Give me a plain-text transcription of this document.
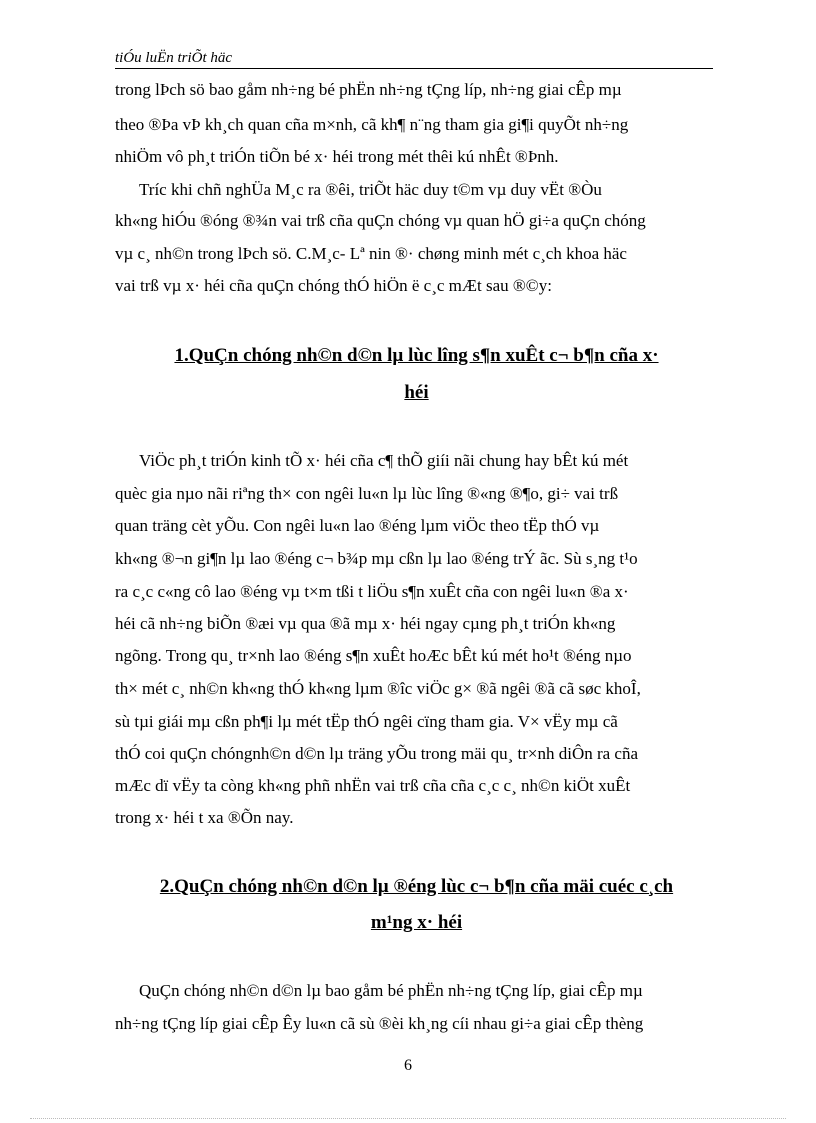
tiÓu luËn triÕt häc
trong lÞch sö bao gåm nh÷ng bé phËn nh÷ng tÇng líp, nh÷ng giai cÊp mµ
theo ®Þa vÞ kh¸ch quan cña m×nh, cã kh¶ n¨ng tham gia gi¶i quyÕt nh÷ng
nhiÖm vô ph¸t triÓn tiÕn bé x· héi trong mét thêi kú nhÊt ®Þnh.
Tríc khi chñ nghÜa M¸c ra ®êi, triÕt häc duy t©m vµ duy vËt ®Òu
kh«ng hiÓu ®óng ®¾n vai trß cña quÇn chóng vµ quan hÖ gi÷a quÇn chóng
vµ c¸ nh©n trong lÞch sö. C.M¸c- Lª nin ®· chøng minh mét c¸ch khoa häc
vai trß vµ x· héi cña quÇn chóng thÓ hiÖn ë c¸c mÆt sau ®©y:
1.QuÇn chóng nh©n d©n lµ lùc lîng s¶n xuÊt c¬ b¶n cña x·
héi
ViÖc ph¸t triÓn kinh tÕ x· héi cña c¶ thÕ giíi nãi chung hay bÊt kú mét
quèc gia nµo nãi riªng th× con ngêi lu«n lµ lùc lîng ®«ng ®¶o, gi÷ vai trß
quan träng cèt yÕu. Con ngêi lu«n lao ®éng lµm viÖc theo tËp thÓ vµ
kh«ng ®¬n gi¶n lµ lao ®éng c¬ b¾p mµ cßn lµ lao ®éng trÝ ãc. Sù s¸ng t¹o
ra c¸c c«ng cô lao ®éng vµ t×m tßi t liÖu s¶n xuÊt cña con ngêi lu«n ®a x·
héi cã nh÷ng biÕn ®æi vµ qua ®ã mµ x· héi ngay cµng ph¸t triÓn kh«ng
ngõng. Trong qu¸ tr×nh lao ®éng s¶n xuÊt hoÆc bÊt kú mét ho¹t ®éng nµo
th× mét c¸ nh©n kh«ng thÓ kh«ng lµm ®îc viÖc g× ®ã ngêi ®ã cã søc khoÎ,
sù tµi giái mµ cßn ph¶i lµ mét tËp thÓ ngêi cïng tham gia. V× vËy mµ cã
thÓ coi quÇn chóngnh©n d©n lµ träng yÕu trong mäi qu¸ tr×nh diÔn ra cña
mÆc dï vËy ta còng kh«ng phñ nhËn vai trß cña cña c¸c c¸ nh©n kiÖt xuÊt
trong x· héi t xa ®Õn nay.
2.QuÇn chóng nh©n d©n lµ ®éng lùc c¬ b¶n cña mäi cuéc c¸ch
m¹ng x· héi
QuÇn chóng nh©n d©n lµ bao gåm bé phËn nh÷ng tÇng líp, giai cÊp mµ
nh÷ng tÇng líp giai cÊp Êy lu«n cã sù ®èi kh¸ng cíi nhau gi÷a giai cÊp thèng
6
